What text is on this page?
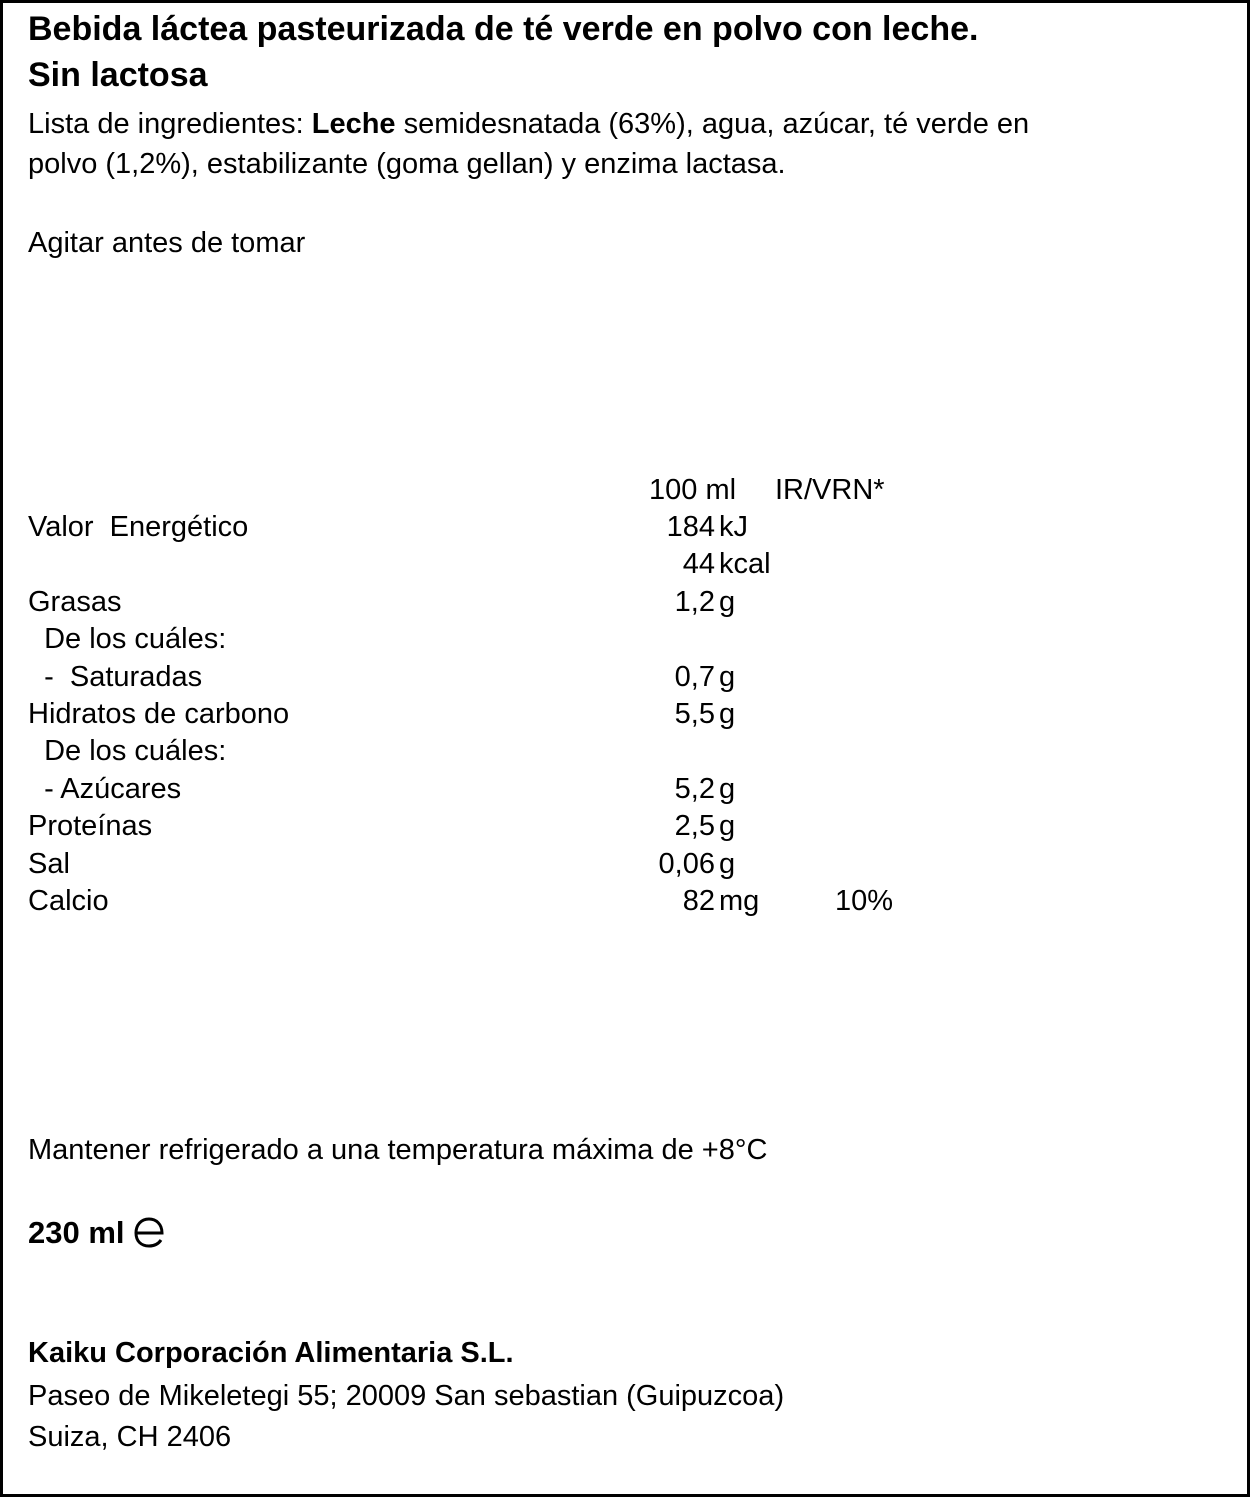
Bebida láctea pasteurizada de té verde en polvo con leche.
Sin lactosa
Lista de ingredientes: Leche semidesnatada (63%), agua, azúcar, té verde en
polvo (1,2%), estabilizante (goma gellan) y enzima lactasa.
Agitar antes de tomar
100 ml IR/VRN*
Valor  Energético	184 kJ
44 kcal
Grasas	1,2 g
De los cuáles:
-  Saturadas	0,7 g
Hidratos de carbono	5,5 g
De los cuáles:
- Azúcares	5,2 g
Proteínas	2,5 g
Sal	0,06 g
Calcio	82 mg	10%
Mantener refrigerado a una temperatura máxima de +8°C
230 ml
Kaiku Corporación Alimentaria S.L.
Paseo de Mikeletegi 55; 20009 San sebastian (Guipuzcoa)
Suiza, CH 2406
